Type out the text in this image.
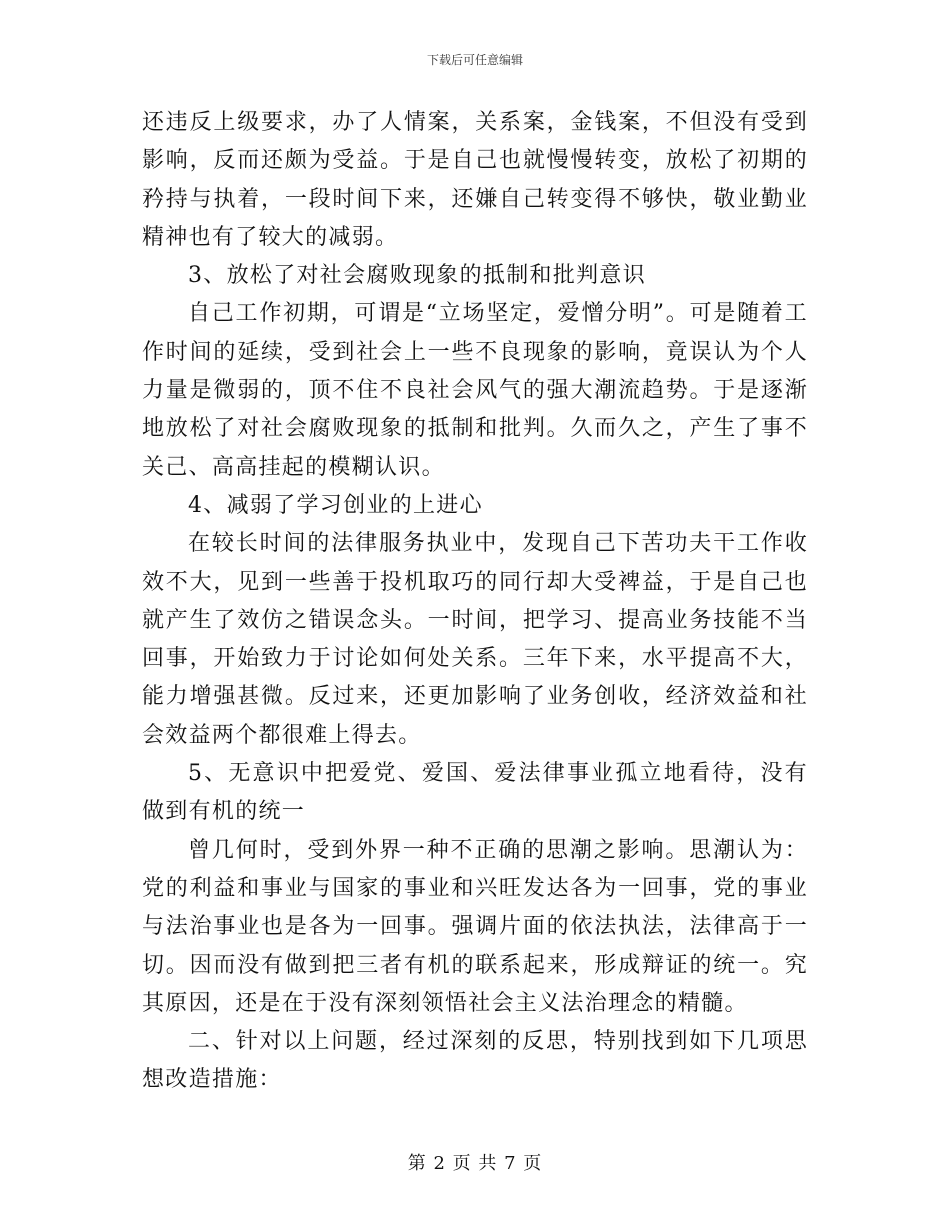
下载后可任意编辑

还违反上级要求，办了人情案，关系案，金钱案，不但没有受到影响，反而还颇为受益。于是自己也就慢慢转变，放松了初期的矜持与执着，一段时间下来，还嫌自己转变得不够快，敬业勤业精神也有了较大的减弱。

3、放松了对社会腐败现象的抵制和批判意识

自己工作初期，可谓是“立场坚定，爱憎分明”。可是随着工作时间的延续，受到社会上一些不良现象的影响，竟误认为个人力量是微弱的，顶不住不良社会风气的强大潮流趋势。于是逐渐地放松了对社会腐败现象的抵制和批判。久而久之，产生了事不关己、高高挂起的模糊认识。

4、减弱了学习创业的上进心

在较长时间的法律服务执业中，发现自己下苦功夫干工作收效不大，见到一些善于投机取巧的同行却大受裨益，于是自己也就产生了效仿之错误念头。一时间，把学习、提高业务技能不当回事，开始致力于讨论如何处关系。三年下来，水平提高不大，能力增强甚微。反过来，还更加影响了业务创收，经济效益和社会效益两个都很难上得去。

5、无意识中把爱党、爱国、爱法律事业孤立地看待，没有做到有机的统一

曾几何时，受到外界一种不正确的思潮之影响。思潮认为：党的利益和事业与国家的事业和兴旺发达各为一回事，党的事业与法治事业也是各为一回事。强调片面的依法执法，法律高于一切。因而没有做到把三者有机的联系起来，形成辩证的统一。究其原因，还是在于没有深刻领悟社会主义法治理念的精髓。

二、针对以上问题，经过深刻的反思，特别找到如下几项思想改造措施：

第 2 页 共 7 页
